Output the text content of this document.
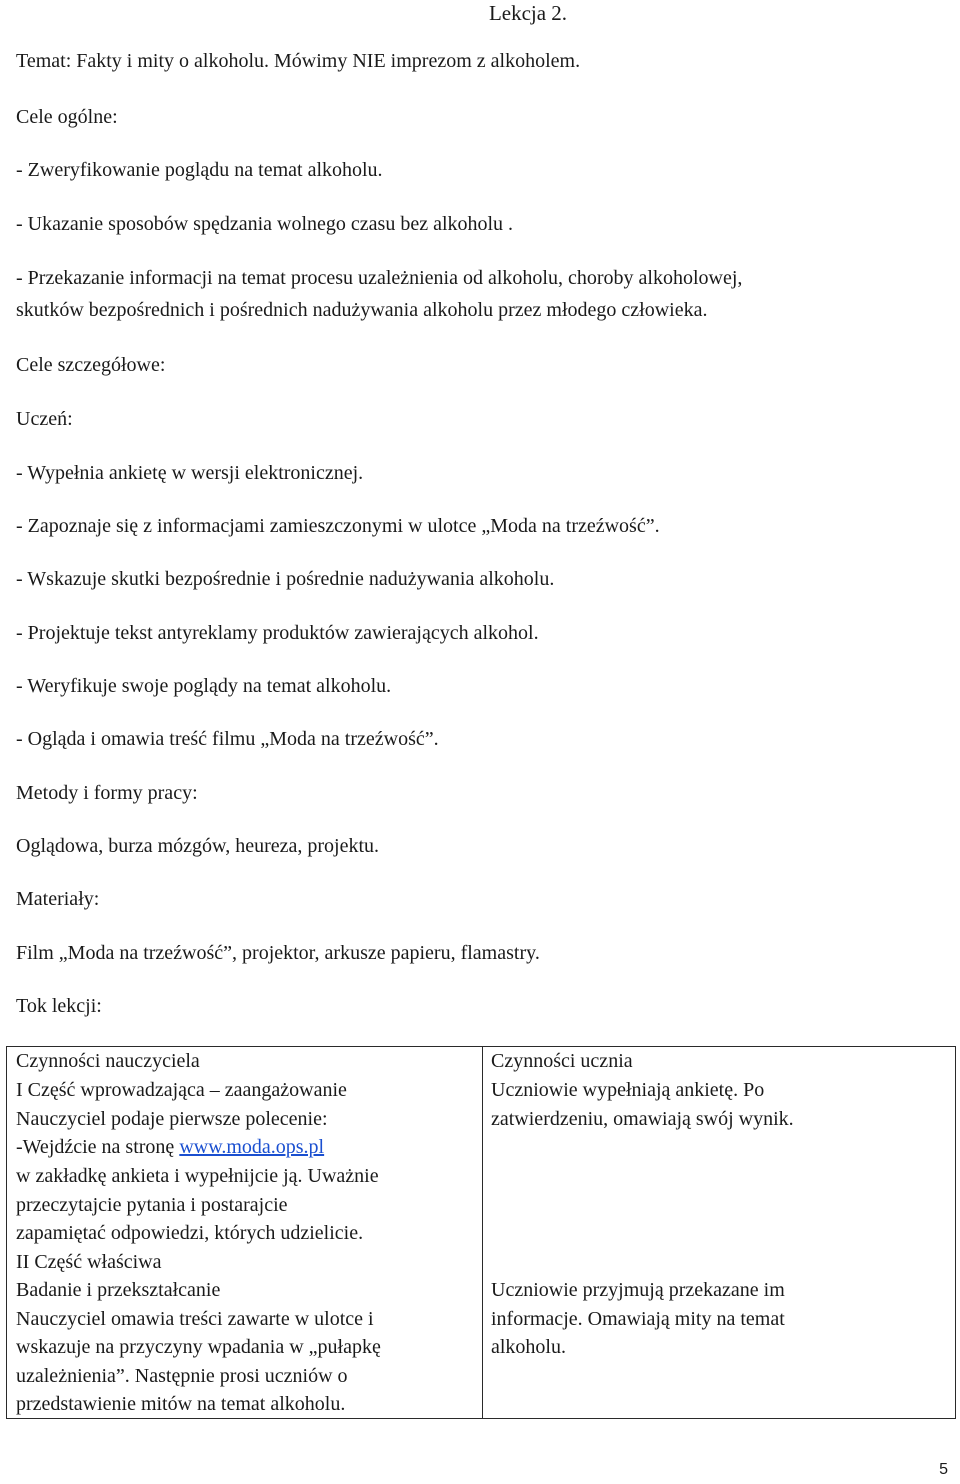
Lekcja 2.
Temat: Fakty i mity o alkoholu. Mówimy NIE imprezom z alkoholem.
Cele ogólne:
- Zweryfikowanie poglądu na temat alkoholu.
- Ukazanie sposobów spędzania wolnego czasu bez alkoholu .
- Przekazanie informacji na temat procesu uzależnienia od alkoholu, choroby alkoholowej,
skutków bezpośrednich i pośrednich nadużywania alkoholu przez młodego człowieka.
Cele szczegółowe:
Uczeń:
- Wypełnia ankietę w wersji elektronicznej.
- Zapoznaje się z informacjami zamieszczonymi w ulotce „Moda na trzeźwość”.
- Wskazuje skutki bezpośrednie i pośrednie nadużywania alkoholu.
- Projektuje tekst antyreklamy produktów zawierających alkohol.
- Weryfikuje swoje poglądy na temat alkoholu.
- Ogląda i omawia treść filmu „Moda na trzeźwość”.
Metody i formy pracy:
Oglądowa, burza mózgów, heureza, projektu.
Materiały:
Film „Moda na trzeźwość”, projektor, arkusze papieru, flamastry.
Tok lekcji:
Czynności nauczyciela	Czynności ucznia
I Część wprowadzająca – zaangażowanie
Nauczyciel podaje pierwsze polecenie:
-Wejdźcie na stronę www.moda.ops.pl
w zakładkę ankieta i wypełnijcie ją. Uważnie
przeczytajcie pytania i postarajcie
zapamiętać odpowiedzi, których udzielicie.
II Część właściwa
Badanie i przekształcanie
Nauczyciel omawia treści zawarte w ulotce i
wskazuje na przyczyny wpadania w „pułapkę
uzależnienia”. Następnie prosi uczniów o
przedstawienie mitów na temat alkoholu.
Uczniowie wypełniają ankietę. Po
zatwierdzeniu, omawiają swój wynik.
Uczniowie przyjmują przekazane im
informacje. Omawiają mity na temat
alkoholu.
5
